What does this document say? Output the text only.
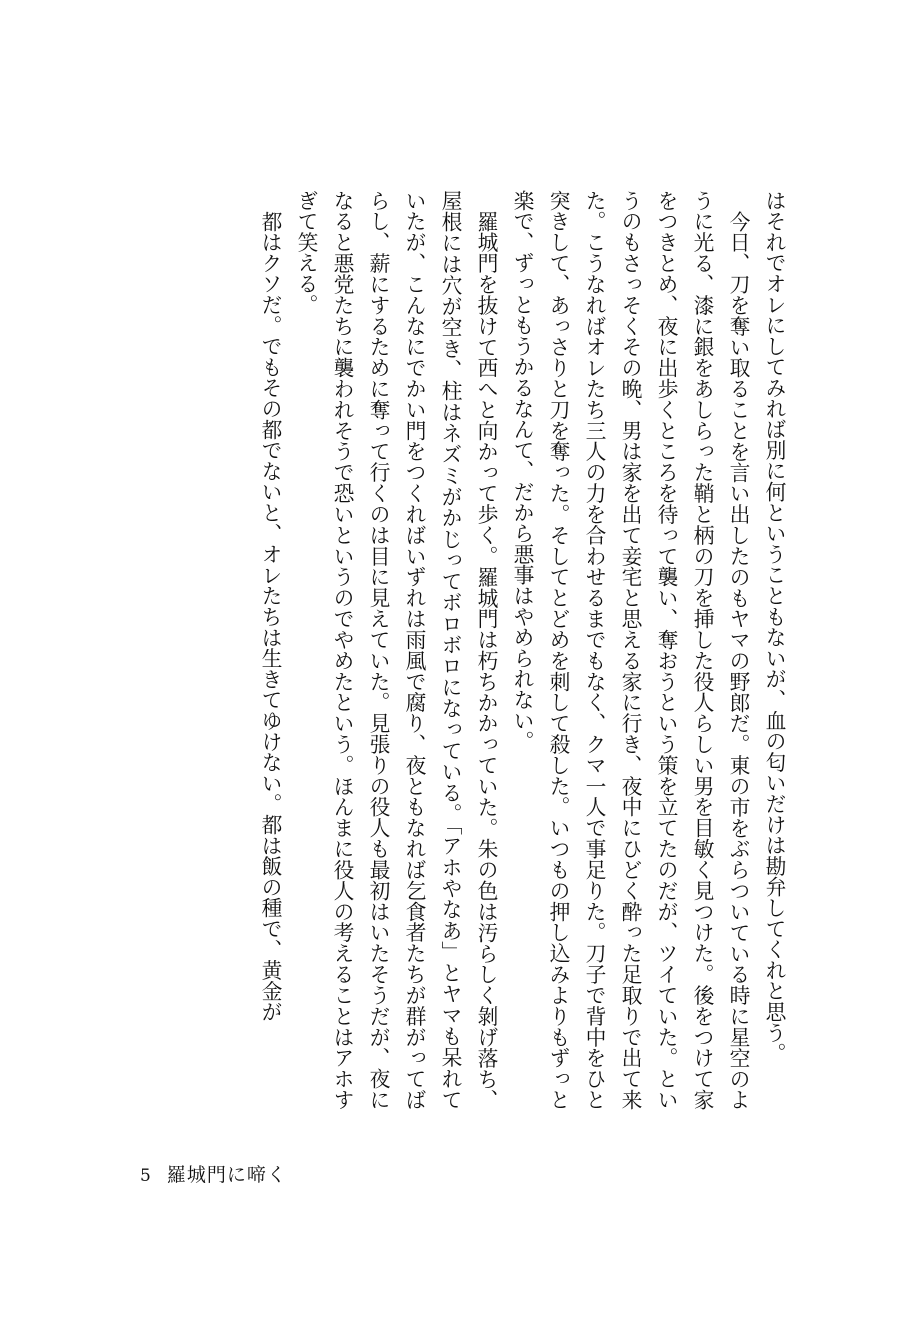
はそれでオレにしてみれば別に何ということもないが、血の匂いだけは勘弁してくれと思う。

今日、刀を奪い取ることを言い出したのもヤマの野郎だ。東の市をぶらついている時に星空のように光る、漆に銀をあしらった鞘と柄の刀を挿した役人らしい男を目敏く見つけた。後をつけて家をつきとめ、夜に出歩くところを待って襲い、奪おうという策を立てたのだが、ツイていた。というのもさっそくその晩、男は家を出て妾宅と思える家に行き、夜中にひどく酔った足取りで出て来た。こうなればオレたち三人の力を合わせるまでもなく、クマ一人で事足りた。刀子で背中をひと突きして、あっさりと刀を奪った。そしてとどめを刺して殺した。いつもの押し込みよりもずっと楽で、ずっともうかるなんて、だから悪事はやめられない。

羅城門を抜けて西へと向かって歩く。羅城門は朽ちかかっていた。朱の色は汚らしく剝げ落ち、屋根には穴が空き、柱はネズミがかじってボロボロになっている。「アホやなあ」とヤマも呆れていたが、こんなにでかい門をつくればいずれは雨風で腐り、夜ともなれば乞食者たちが群がってばらし、薪にするために奪って行くのは目に見えていた。見張りの役人も最初はいたそうだが、夜になると悪党たちに襲われそうで恐いというのでやめたという。ほんまに役人の考えることはアホすぎて笑える。

都はクソだ。でもその都でないと、オレたちは生きてゆけない。都は飯の種で、黄金が

5 羅城門に啼く
